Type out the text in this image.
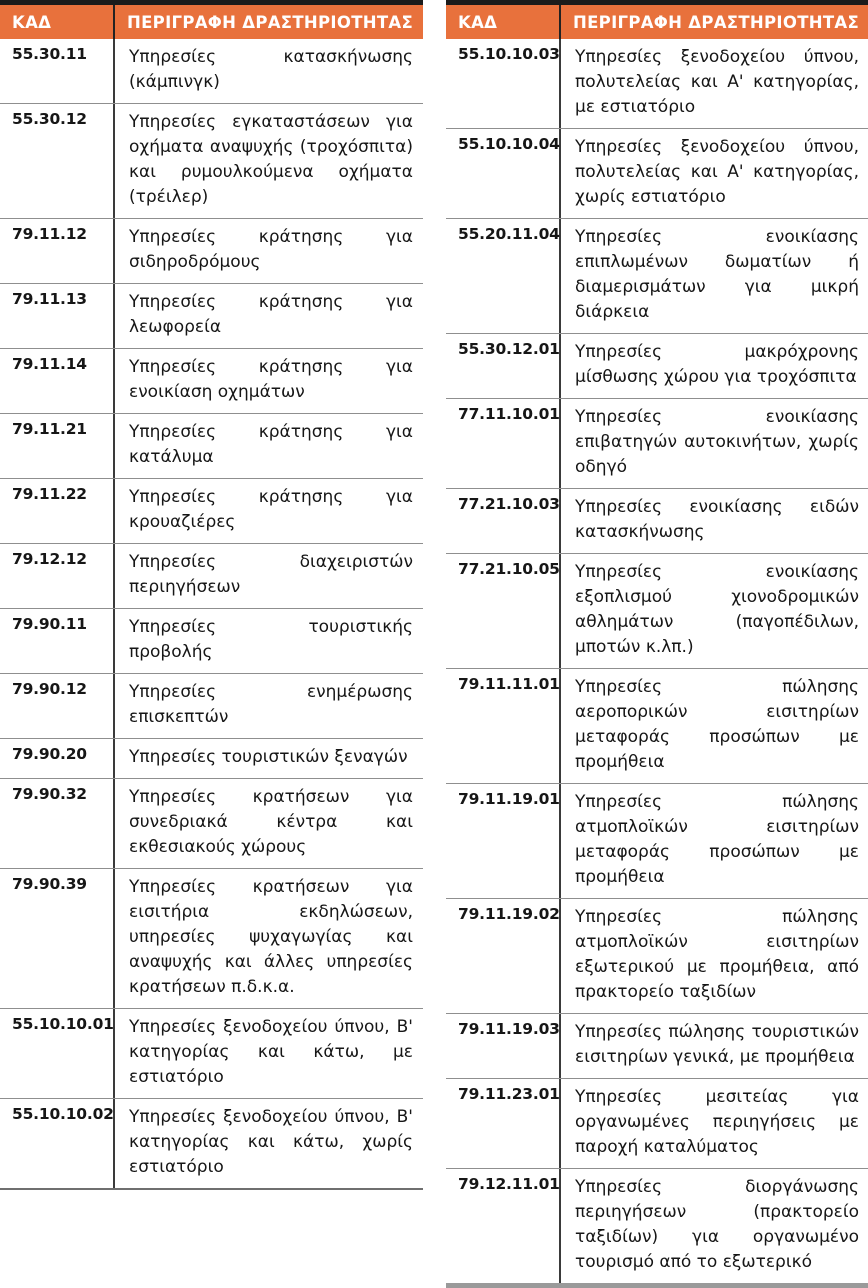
ΚΑΔ	ΠΕΡΙΓΡΑΦΗ ΔΡΑΣΤΗΡΙΟΤΗΤΑΣ
55.30.11	Υπηρεσίες κατασκήνωσης (κάμπινγκ)
55.30.12	Υπηρεσίες εγκαταστάσεων για οχήματα αναψυχής (τροχόσπιτα) και ρυμουλκούμενα οχήματα (τρέιλερ)
79.11.12	Υπηρεσίες κράτησης για σιδηροδρόμους
79.11.13	Υπηρεσίες κράτησης για λεωφορεία
79.11.14	Υπηρεσίες κράτησης για ενοικίαση οχημάτων
79.11.21	Υπηρεσίες κράτησης για κατάλυμα
79.11.22	Υπηρεσίες κράτησης για κρουαζιέρες
79.12.12	Υπηρεσίες διαχειριστών περιηγήσεων
79.90.11	Υπηρεσίες τουριστικής προβολής
79.90.12	Υπηρεσίες ενημέρωσης επισκεπτών
79.90.20	Υπηρεσίες τουριστικών ξεναγών
79.90.32	Υπηρεσίες κρατήσεων για συνεδριακά κέντρα και εκθεσιακούς χώρους
79.90.39	Υπηρεσίες κρατήσεων για εισιτήρια εκδηλώσεων, υπηρεσίες ψυχαγωγίας και αναψυχής και άλλες υπηρεσίες κρατήσεων π.δ.κ.α.
55.10.10.01 Υπηρεσίες ξενοδοχείου ύπνου, Β' κατηγορίας και κάτω, με εστιατόριο
55.10.10.02 Υπηρεσίες ξενοδοχείου ύπνου, Β' κατηγορίας και κάτω, χωρίς εστιατόριο
ΚΑΔ	ΠΕΡΙΓΡΑΦΗ ΔΡΑΣΤΗΡΙΟΤΗΤΑΣ
55.10.10.03 Υπηρεσίες ξενοδοχείου ύπνου, πολυτελείας και Α' κατηγορίας, με εστιατόριο
55.10.10.04 Υπηρεσίες ξενοδοχείου ύπνου, πολυτελείας και Α' κατηγορίας, χωρίς εστιατόριο
55.20.11.04 Υπηρεσίες ενοικίασης επιπλωμένων δωματίων ή διαμερισμάτων για μικρή διάρκεια
55.30.12.01 Υπηρεσίες μακρόχρονης μίσθωσης χώρου για τροχόσπιτα
77.11.10.01 Υπηρεσίες ενοικίασης επιβατηγών αυτοκινήτων, χωρίς οδηγό
77.21.10.03 Υπηρεσίες ενοικίασης ειδών κατασκήνωσης
77.21.10.05 Υπηρεσίες ενοικίασης εξοπλισμού χιονοδρομικών αθλημάτων (παγοπέδιλων, μποτών κ.λπ.)
79.11.11.01 Υπηρεσίες πώλησης αεροπορικών εισιτηρίων μεταφοράς προσώπων με προμήθεια
79.11.19.01 Υπηρεσίες πώλησης ατμοπλοϊκών εισιτηρίων μεταφοράς προσώπων με προμήθεια
79.11.19.02 Υπηρεσίες πώλησης ατμοπλοϊκών εισιτηρίων εξωτερικού με προμήθεια, από πρακτορείο ταξιδίων
79.11.19.03 Υπηρεσίες πώλησης τουριστικών εισιτηρίων γενικά, με προμήθεια
79.11.23.01 Υπηρεσίες μεσιτείας για οργανωμένες περιηγήσεις με παροχή καταλύματος
79.12.11.01 Υπηρεσίες διοργάνωσης περιηγήσεων (πρακτορείο ταξιδίων) για οργανωμένο τουρισμό από το εξωτερικό
